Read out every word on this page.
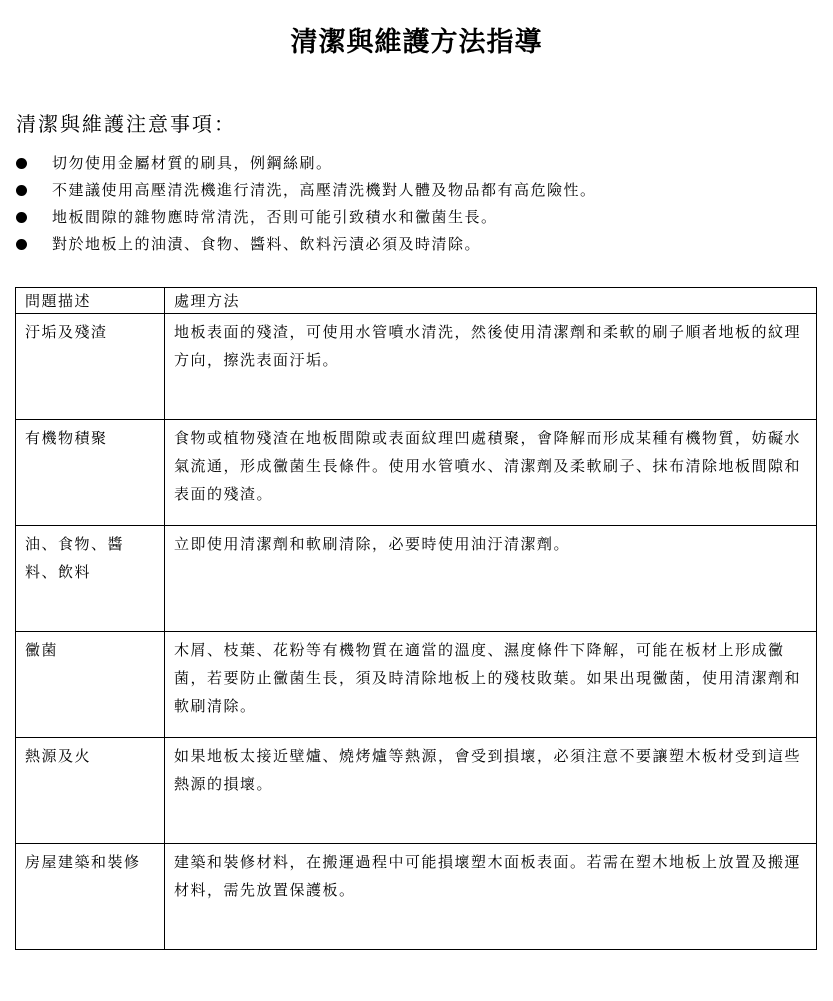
清潔與維護方法指導
清潔與維護注意事項：
切勿使用金屬材質的刷具，例鋼絲刷。
不建議使用高壓清洗機進行清洗，高壓清洗機對人體及物品都有高危險性。
地板間隙的雜物應時常清洗，否則可能引致積水和黴菌生長。
對於地板上的油漬、食物、醬料、飲料污漬必須及時清除。
問題描述	處理方法
汙垢及殘渣	地板表面的殘渣，可使用水管噴水清洗，然後使用清潔劑和柔軟的刷子順者地板的紋理方向，擦洗表面汙垢。
有機物積聚	食物或植物殘渣在地板間隙或表面紋理凹處積聚，會降解而形成某種有機物質，妨礙水氣流通，形成黴菌生長條件。使用水管噴水、清潔劑及柔軟刷子、抹布清除地板間隙和表面的殘渣。
油、食物、醬料、飲料	立即使用清潔劑和軟刷清除，必要時使用油汙清潔劑。
黴菌	木屑、枝葉、花粉等有機物質在適當的溫度、濕度條件下降解，可能在板材上形成黴菌，若要防止黴菌生長，須及時清除地板上的殘枝敗葉。如果出現黴菌，使用清潔劑和軟刷清除。
熱源及火	如果地板太接近壁爐、燒烤爐等熱源，會受到損壞，必須注意不要讓塑木板材受到這些熱源的損壞。
房屋建築和裝修	建築和裝修材料，在搬運過程中可能損壞塑木面板表面。若需在塑木地板上放置及搬運材料，需先放置保護板。
